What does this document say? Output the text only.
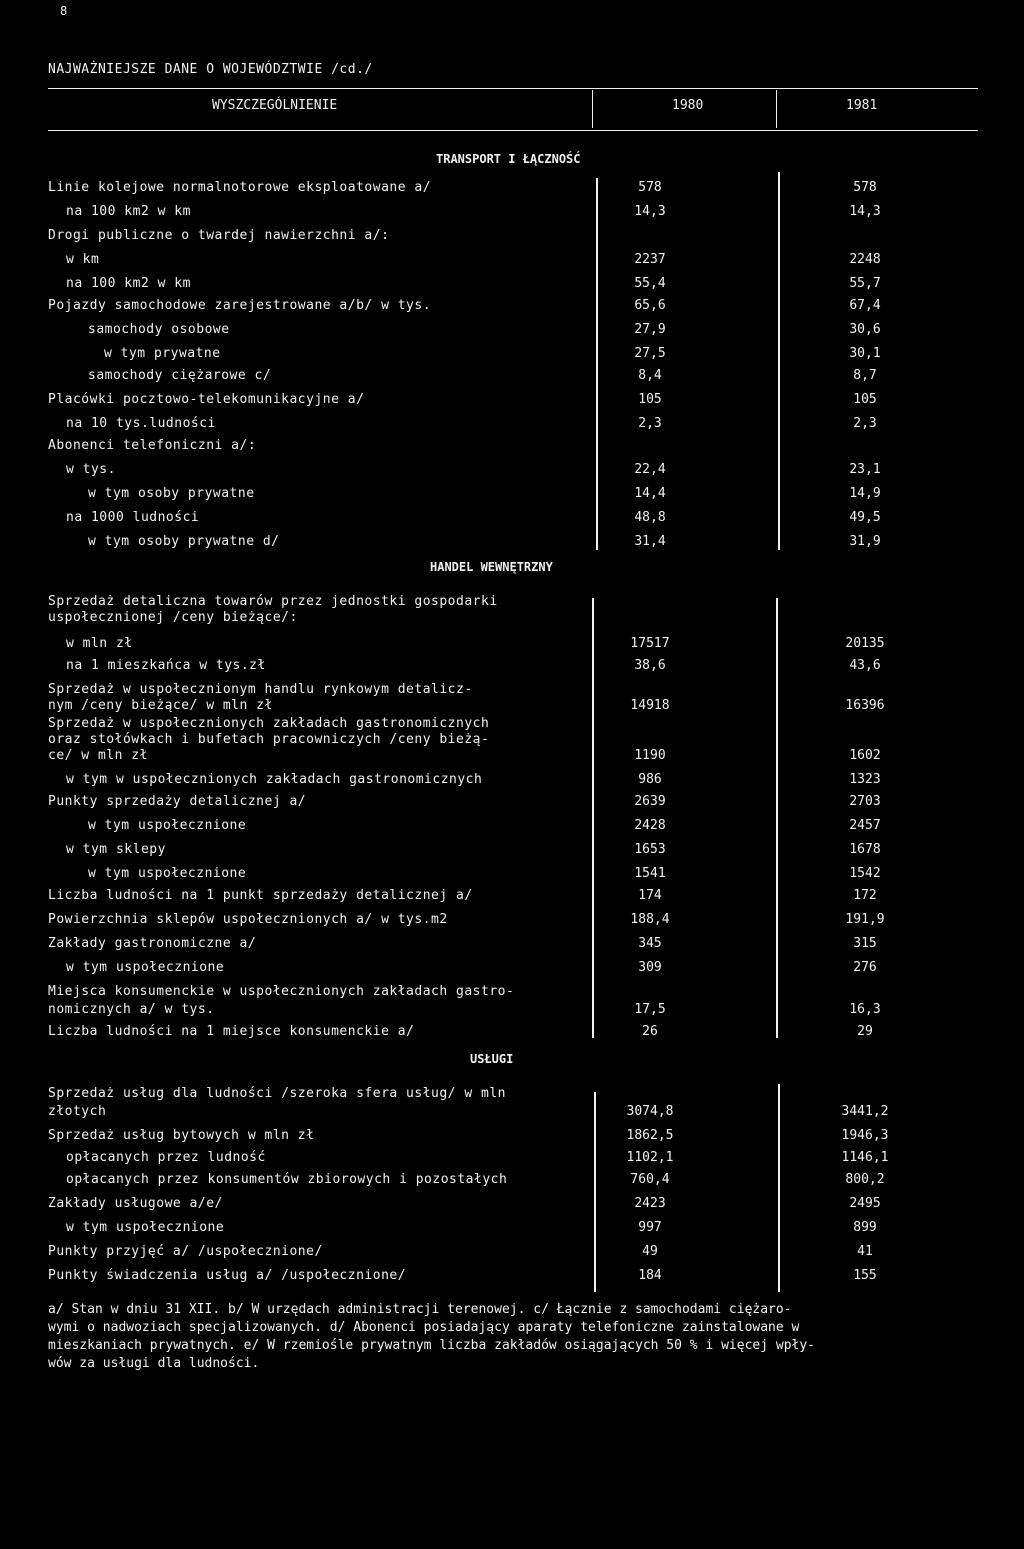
8
NAJWAŻNIEJSZE DANE O WOJEWÓDZTWIE /cd./
WYSZCZEGÓLNIENIE	1980	1981
TRANSPORT I ŁĄCZNOŚĆ
HANDEL WEWNĘTRZNY
USŁUGI
Linie kolejowe normalnotorowe eksploatowane a/	578	578
na 100 km2 w km	14,3	14,3
Drogi publiczne o twardej nawierzchni a/:
w km	2237	2248
na 100 km2 w km	55,4	55,7
Pojazdy samochodowe zarejestrowane a/b/ w tys.	65,6	67,4
samochody osobowe	27,9	30,6
w tym prywatne	27,5	30,1
samochody ciężarowe c/	8,4	8,7
Placówki pocztowo-telekomunikacyjne a/	105	105
na 10 tys.ludności	2,3	2,3
Abonenci telefoniczni a/:
w tys.	22,4	23,1
w tym osoby prywatne	14,4	14,9
na 1000 ludności	48,8	49,5
w tym osoby prywatne d/	31,4	31,9
Sprzedaż detaliczna towarów przez jednostki gospodarki
uspołecznionej /ceny bieżące/:
w mln zł	17517	20135
na 1 mieszkańca w tys.zł	38,6	43,6
Sprzedaż w uspołecznionym handlu rynkowym detalicz-
nym /ceny bieżące/ w mln zł	14918	16396
Sprzedaż w uspołecznionych zakładach gastronomicznych
oraz stołówkach i bufetach pracowniczych /ceny bieżą-
ce/ w mln zł	1190	1602
w tym w uspołecznionych zakładach gastronomicznych	986	1323
Punkty sprzedaży detalicznej a/	2639	2703
w tym uspołecznione	2428	2457
w tym sklepy	1653	1678
w tym uspołecznione	1541	1542
Liczba ludności na 1 punkt sprzedaży detalicznej a/	174	172
Powierzchnia sklepów uspołecznionych a/ w tys.m2	188,4	191,9
Zakłady gastronomiczne a/	345	315
w tym uspołecznione	309	276
Miejsca konsumenckie w uspołecznionych zakładach gastro-
nomicznych a/ w tys.	17,5	16,3
Liczba ludności na 1 miejsce konsumenckie a/	26	29
Sprzedaż usług dla ludności /szeroka sfera usług/ w mln
złotych	3074,8	3441,2
Sprzedaż usług bytowych w mln zł	1862,5	1946,3
opłacanych przez ludność	1102,1	1146,1
opłacanych przez konsumentów zbiorowych i pozostałych	760,4	800,2
Zakłady usługowe a/e/	2423	2495
w tym uspołecznione	997	899
Punkty przyjęć a/ /uspołecznione/	49	41
Punkty świadczenia usług a/ /uspołecznione/	184	155
a/ Stan w dniu 31 XII. b/ W urzędach administracji terenowej. c/ Łącznie z samochodami ciężaro-
wymi o nadwoziach specjalizowanych. d/ Abonenci posiadający aparaty telefoniczne zainstalowane w
mieszkaniach prywatnych. e/ W rzemiośle prywatnym liczba zakładów osiągających 50 % i więcej wpły-
wów za usługi dla ludności.
